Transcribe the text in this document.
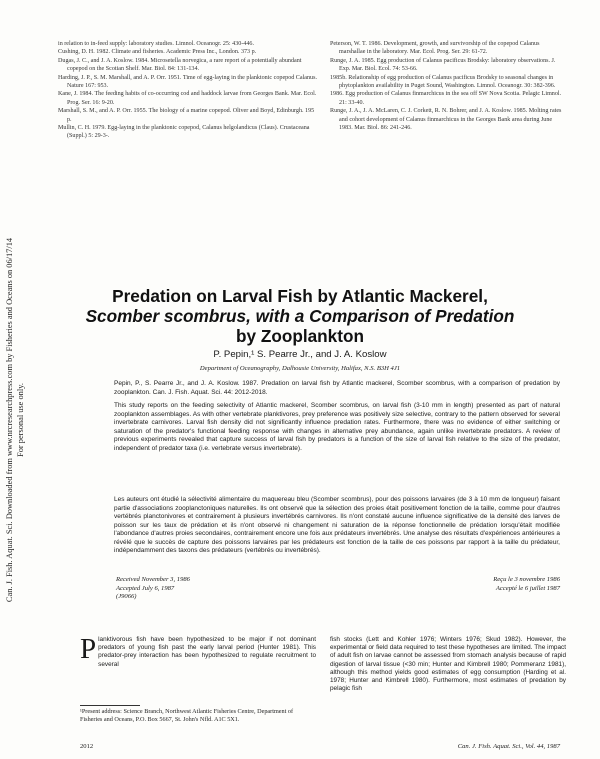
Can. J. Fish. Aquat. Sci. Downloaded from www.nrcresearchpress.com by Fisheries and Oceans on 06/17/14 For personal use only.

in relation to in-feed supply: laboratory studies. Limnol. Oceanogr. 25: 430-446.

Cushing, D. H. 1982. Climate and fisheries. Academic Press Inc., London. 373 p.

Dugas, J. C., and J. A. Koslow. 1984. Microsetella norvegica, a rare report of a potentially abundant copepod on the Scotian Shelf. Mar. Biol. 84: 131-134.

Harding, J. P., S. M. Marshall, and A. P. Orr. 1951. Time of egg-laying in the planktonic copepod Calanus. Nature 167: 953.

Kane, J. 1984. The feeding habits of co-occurring cod and haddock larvae from Georges Bank. Mar. Ecol. Prog. Ser. 16: 9-20.

Marshall, S. M., and A. P. Orr. 1955. The biology of a marine copepod. Oliver and Boyd, Edinburgh. 195 p.

Mullin, C. H. 1979. Egg-laying in the planktonic copepod, Calanus helgolandicus (Claus). Crustaceana (Suppl.) 5: 29-3-.

Peterson, W. T. 1986. Development, growth, and survivorship of the copepod Calanus marshallae in the laboratory. Mar. Ecol. Prog. Ser. 29: 61-72.

Runge, J. A. 1985. Egg production of Calanus pacificus Brodsky: laboratory observations. J. Exp. Mar. Biol. Ecol. 74: 53-66.

1985b. Relationship of egg production of Calanus pacificus Brodsky to seasonal changes in phytoplankton availability in Puget Sound, Washington. Limnol. Oceanogr. 30: 382-396.

1986. Egg production of Calanus finmarchicus in the sea off SW Nova Scotia. Pelagic Limnol. 21: 33-40.

Runge, J. A., J. A. McLaren, C. J. Corkett, R. N. Bohrer, and J. A. Koslow. 1985. Molting rates and cohort development of Calanus finmarchicus in the Georges Bank area during June 1983. Mar. Biol. 86: 241-246.

Predation on Larval Fish by Atlantic Mackerel,
Scomber scombrus, with a Comparison of Predation
by Zooplankton
P. Pepin,¹ S. Pearre Jr., and J. A. Koslow
Department of Oceanography, Dalhousie University, Halifax, N.S. B3H 4J1

Pepin, P., S. Pearre Jr., and J. A. Koslow. 1987. Predation on larval fish by Atlantic mackerel, Scomber scombrus, with a comparison of predation by zooplankton. Can. J. Fish. Aquat. Sci. 44: 2012-2018.

This study reports on the feeding selectivity of Atlantic mackerel, Scomber scombrus, on larval fish (3-10 mm in length) presented as part of natural zooplankton assemblages. As with other vertebrate planktivores, prey preference was positively size selective, contrary to the pattern observed for several invertebrate carnivores. Larval fish density did not significantly influence predation rates. Furthermore, there was no evidence of either switching or saturation of the predator's functional feeding response with changes in alternative prey abundance, again unlike invertebrate predators. A review of previous experiments revealed that capture success of larval fish by predators is a function of the size of larval fish relative to the size of the predator, independent of predator taxa (i.e. vertebrate versus invertebrate).

Les auteurs ont étudié la sélectivité alimentaire du maquereau bleu (Scomber scombrus), pour des poissons larvaires (de 3 à 10 mm de longueur) faisant partie d'associations zooplanctoniques naturelles. Ils ont observé que la sélection des proies était positivement fonction de la taille, comme pour d'autres vertébrés planctonivores et contrairement à plusieurs invertébrés carnivores. Ils n'ont constaté aucune influence significative de la densité des larves de poisson sur les taux de prédation et ils n'ont observé ni changement ni saturation de la réponse fonctionnelle de prédation lorsqu'était modifiée l'abondance d'autres proies secondaires, contrairement encore une fois aux prédateurs invertébrés. Une analyse des résultats d'expériences antérieures a révélé que le succès de capture des poissons larvaires par les prédateurs est fonction de la taille de ces poissons par rapport à la taille du prédateur, indépendamment des taxons des prédateurs (vertébrés ou invertébrés).

Received November 3, 1986
Accepted July 6, 1987
(J9066)
Reçu le 3 novembre 1986
Accepté le 6 juillet 1987

Planktivorous fish have been hypothesized to be major if not dominant predators of young fish past the early larval period (Hunter 1981). This predator-prey interaction has been hypothesized to regulate recruitment to several

fish stocks (Lett and Kohler 1976; Winters 1976; Skud 1982). However, the experimental or field data required to test these hypotheses are limited. The impact of adult fish on larvae cannot be assessed from stomach analysis because of rapid digestion of larval tissue (<30 min; Hunter and Kimbrell 1980; Pommeranz 1981), although this method yields good estimates of egg consumption (Harding et al. 1978; Hunter and Kimbrell 1980). Furthermore, most estimates of predation by pelagic fish

¹Present address: Science Branch, Northwest Atlantic Fisheries Centre, Department of Fisheries and Oceans, P.O. Box 5667, St. John's Nfld. A1C 5X1.

2012	Can. J. Fish. Aquat. Sci., Vol. 44, 1987
